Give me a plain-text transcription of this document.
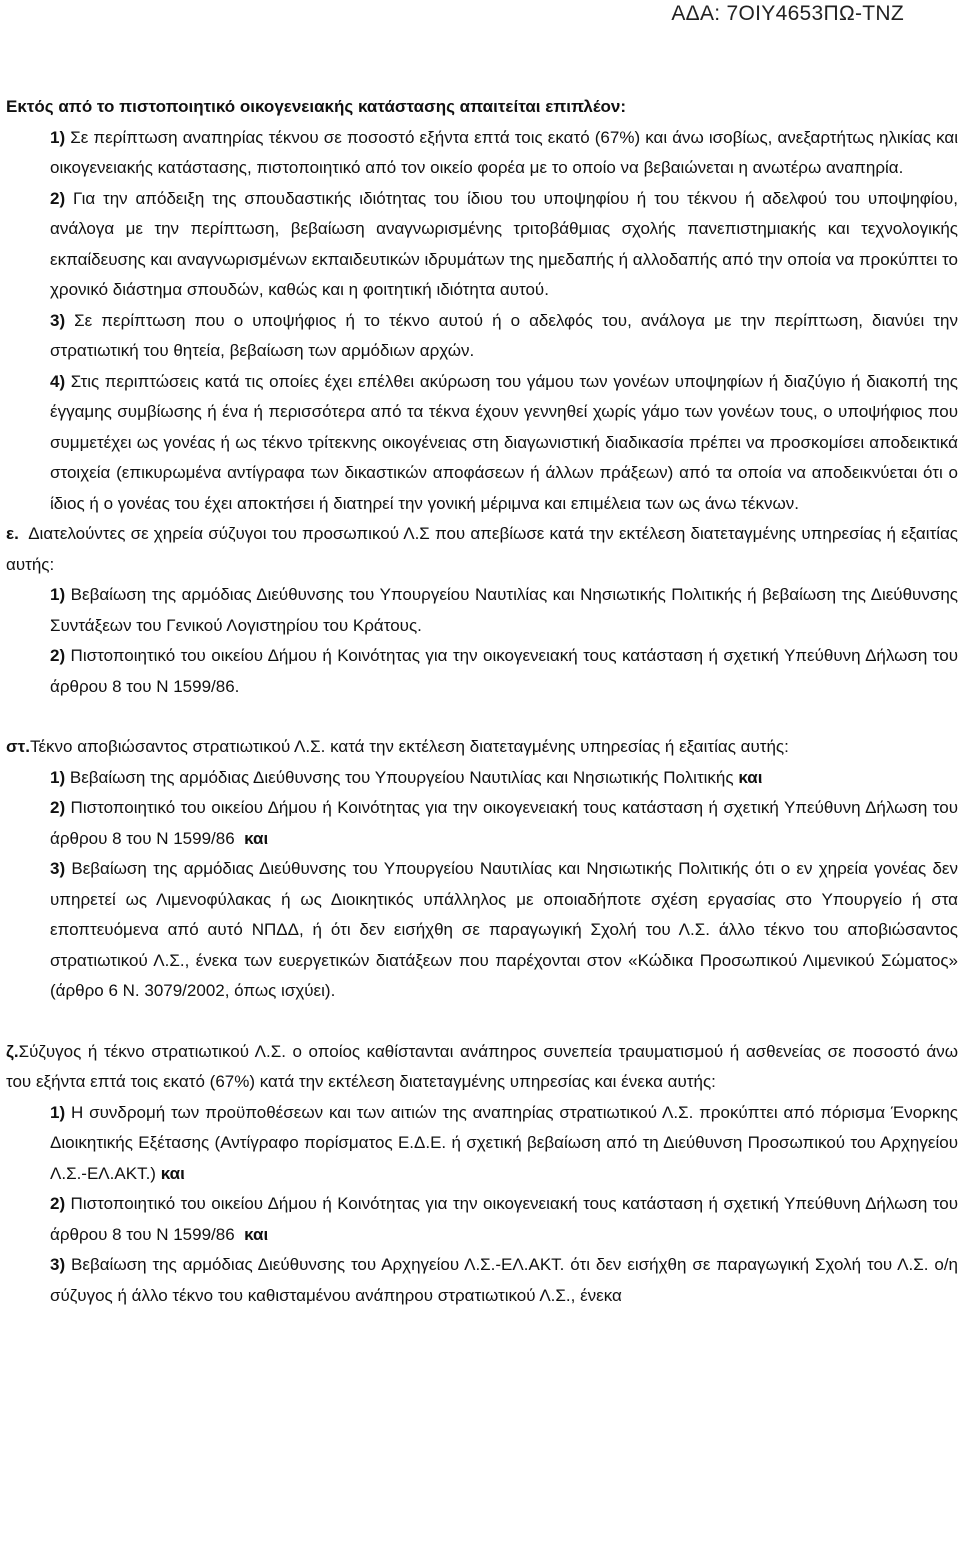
ΑΔΑ: 7ΟΙΥ4653ΠΩ-ΤΝΖ

Εκτός από το πιστοποιητικό οικογενειακής κατάστασης απαιτείται επιπλέον:

1) Σε περίπτωση αναπηρίας τέκνου σε ποσοστό εξήντα επτά τοις εκατό (67%) και άνω ισοβίως, ανεξαρτήτως ηλικίας και οικογενειακής κατάστασης, πιστοποιητικό από τον οικείο φορέα με το οποίο να βεβαιώνεται η ανωτέρω αναπηρία.

2) Για την απόδειξη της σπουδαστικής ιδιότητας του ίδιου του υποψηφίου ή του τέκνου ή αδελφού του υποψηφίου, ανάλογα με την περίπτωση, βεβαίωση αναγνωρισμένης τριτοβάθμιας σχολής πανεπιστημιακής και τεχνολογικής εκπαίδευσης και αναγνωρισμένων εκπαιδευτικών ιδρυμάτων της ημεδαπής ή αλλοδαπής από την οποία να προκύπτει το χρονικό διάστημα σπουδών, καθώς και η φοιτητική ιδιότητα αυτού.

3) Σε περίπτωση που ο υποψήφιος ή το τέκνο αυτού ή ο αδελφός του, ανάλογα με την περίπτωση, διανύει την στρατιωτική του θητεία, βεβαίωση των αρμόδιων αρχών.

4) Στις περιπτώσεις κατά τις οποίες έχει επέλθει ακύρωση του γάμου των γονέων υποψηφίων ή διαζύγιο ή διακοπή της έγγαμης συμβίωσης ή ένα ή περισσότερα από τα τέκνα έχουν γεννηθεί χωρίς γάμο των γονέων τους, ο υποψήφιος που συμμετέχει ως γονέας ή ως τέκνο τρίτεκνης οικογένειας στη διαγωνιστική διαδικασία πρέπει να προσκομίσει αποδεικτικά στοιχεία (επικυρωμένα αντίγραφα των δικαστικών αποφάσεων ή άλλων πράξεων) από τα οποία να αποδεικνύεται ότι ο ίδιος ή ο γονέας του έχει αποκτήσει ή διατηρεί την γονική μέριμνα και επιμέλεια των ως άνω τέκνων.

ε. Διατελούντες σε χηρεία σύζυγοι του προσωπικού Λ.Σ που απεβίωσε κατά την εκτέλεση διατεταγμένης υπηρεσίας ή εξαιτίας αυτής:

1) Βεβαίωση της αρμόδιας Διεύθυνσης του Υπουργείου Ναυτιλίας και Νησιωτικής Πολιτικής ή βεβαίωση της Διεύθυνσης Συντάξεων του Γενικού Λογιστηρίου του Κράτους.

2) Πιστοποιητικό του οικείου Δήμου ή Κοινότητας για την οικογενειακή τους κατάσταση ή σχετική Υπεύθυνη Δήλωση του άρθρου 8 του Ν 1599/86.

στ.Τέκνο αποβιώσαντος στρατιωτικού Λ.Σ. κατά την εκτέλεση διατεταγμένης υπηρεσίας ή εξαιτίας αυτής:

1) Βεβαίωση της αρμόδιας Διεύθυνσης του Υπουργείου Ναυτιλίας και Νησιωτικής Πολιτικής και

2) Πιστοποιητικό του οικείου Δήμου ή Κοινότητας για την οικογενειακή τους κατάσταση ή σχετική Υπεύθυνη Δήλωση του άρθρου 8 του Ν 1599/86 και

3) Βεβαίωση της αρμόδιας Διεύθυνσης του Υπουργείου Ναυτιλίας και Νησιωτικής Πολιτικής ότι ο εν χηρεία γονέας δεν υπηρετεί ως Λιμενοφύλακας ή ως Διοικητικός υπάλληλος με οποιαδήποτε σχέση εργασίας στο Υπουργείο ή στα εποπτευόμενα από αυτό ΝΠΔΔ, ή ότι δεν εισήχθη σε παραγωγική Σχολή του Λ.Σ. άλλο τέκνο του αποβιώσαντος στρατιωτικού Λ.Σ., ένεκα των ευεργετικών διατάξεων που παρέχονται στον «Κώδικα Προσωπικού Λιμενικού Σώματος» (άρθρο 6 Ν. 3079/2002, όπως ισχύει).

ζ.Σύζυγος ή τέκνο στρατιωτικού Λ.Σ. ο οποίος καθίστανται ανάπηρος συνεπεία τραυματισμού ή ασθενείας σε ποσοστό άνω του εξήντα επτά τοις εκατό (67%) κατά την εκτέλεση διατεταγμένης υπηρεσίας και ένεκα αυτής:

1) Η συνδρομή των προϋποθέσεων και των αιτιών της αναπηρίας στρατιωτικού Λ.Σ. προκύπτει από πόρισμα Ένορκης Διοικητικής Εξέτασης (Αντίγραφο πορίσματος Ε.Δ.Ε. ή σχετική βεβαίωση από τη Διεύθυνση Προσωπικού του Αρχηγείου Λ.Σ.-ΕΛ.ΑΚΤ.) και

2) Πιστοποιητικό του οικείου Δήμου ή Κοινότητας για την οικογενειακή τους κατάσταση ή σχετική Υπεύθυνη Δήλωση του άρθρου 8 του Ν 1599/86 και

3) Βεβαίωση της αρμόδιας Διεύθυνσης του Αρχηγείου Λ.Σ.-ΕΛ.ΑΚΤ. ότι δεν εισήχθη σε παραγωγική Σχολή του Λ.Σ. ο/η σύζυγος ή άλλο τέκνο του καθισταμένου ανάπηρου στρατιωτικού Λ.Σ., ένεκα
